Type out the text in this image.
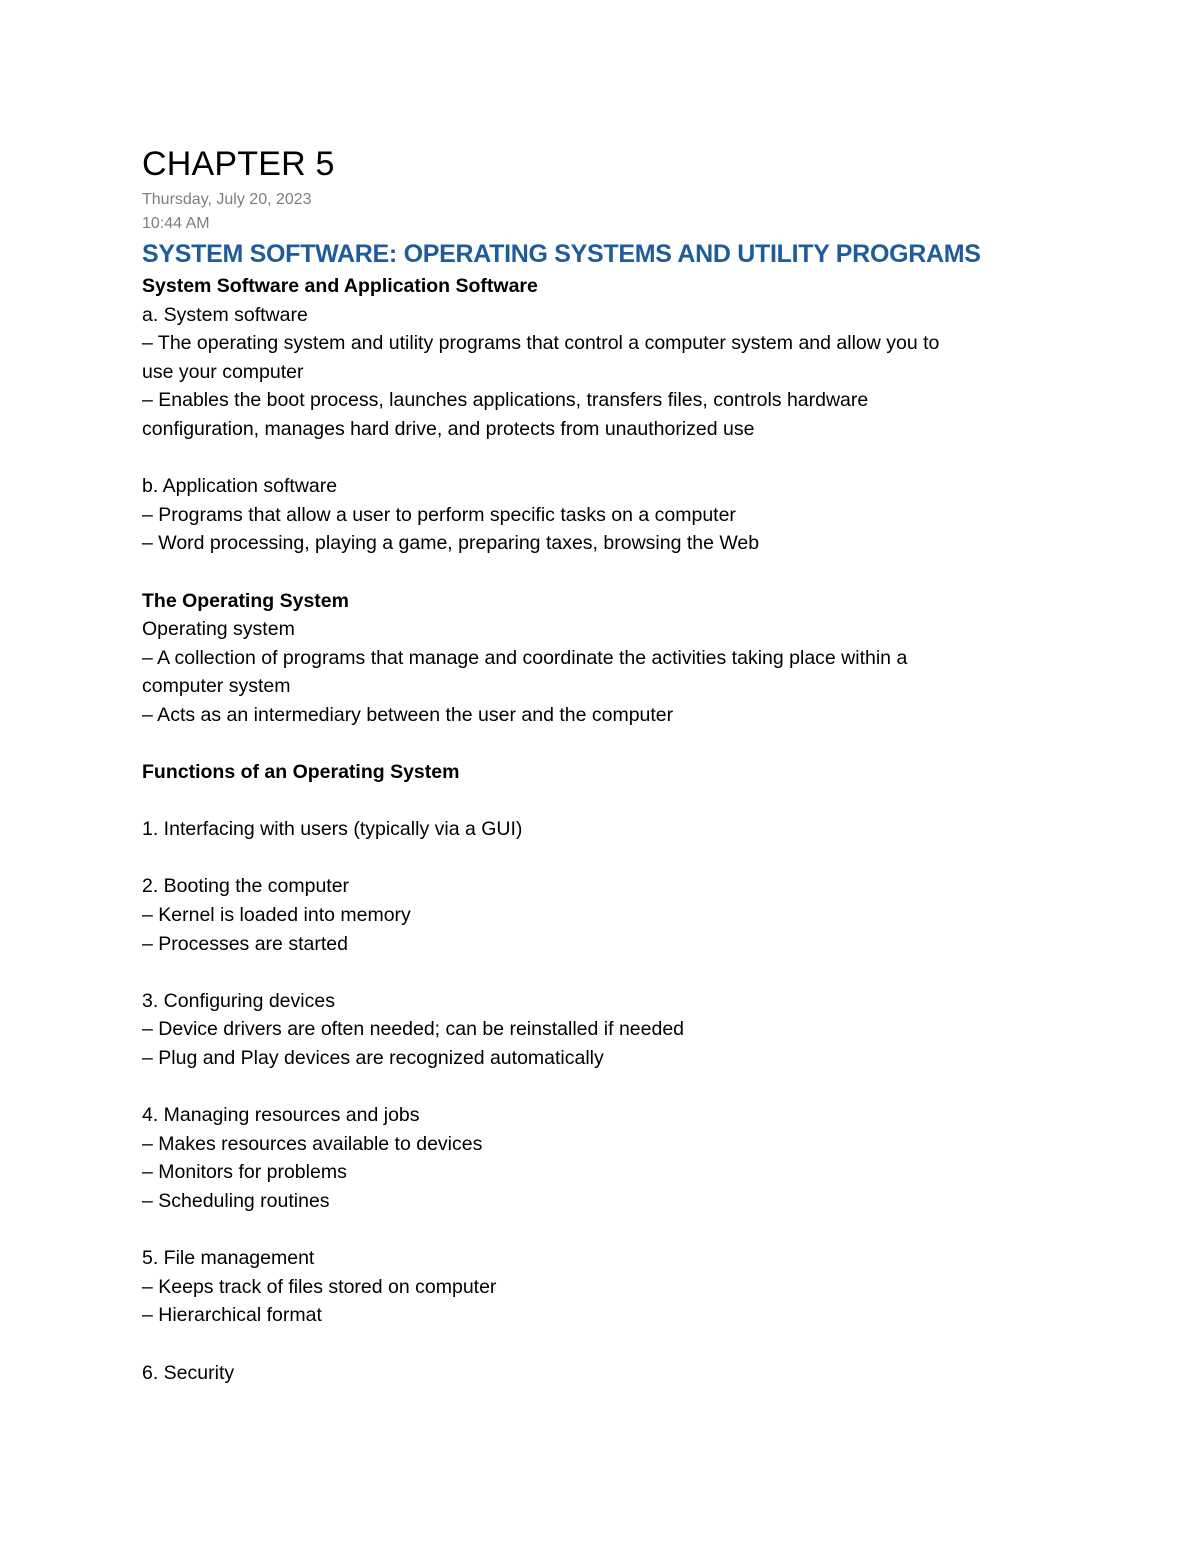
CHAPTER 5

Thursday, July 20, 2023

10:44 AM

SYSTEM SOFTWARE: OPERATING SYSTEMS AND UTILITY PROGRAMS

System Software and Application Software

a. System software

– The operating system and utility programs that control a computer system and allow you to

use your computer

– Enables the boot process, launches applications, transfers files, controls hardware

configuration, manages hard drive, and protects from unauthorized use

b. Application software

– Programs that allow a user to perform specific tasks on a computer

– Word processing, playing a game, preparing taxes, browsing the Web

The Operating System

Operating system

– A collection of programs that manage and coordinate the activities taking place within a

computer system

– Acts as an intermediary between the user and the computer

Functions of an Operating System

1. Interfacing with users (typically via a GUI)

2. Booting the computer

– Kernel is loaded into memory

– Processes are started

3. Configuring devices

– Device drivers are often needed; can be reinstalled if needed

– Plug and Play devices are recognized automatically

4. Managing resources and jobs

– Makes resources available to devices

– Monitors for problems

– Scheduling routines

5. File management

– Keeps track of files stored on computer

– Hierarchical format

6. Security
